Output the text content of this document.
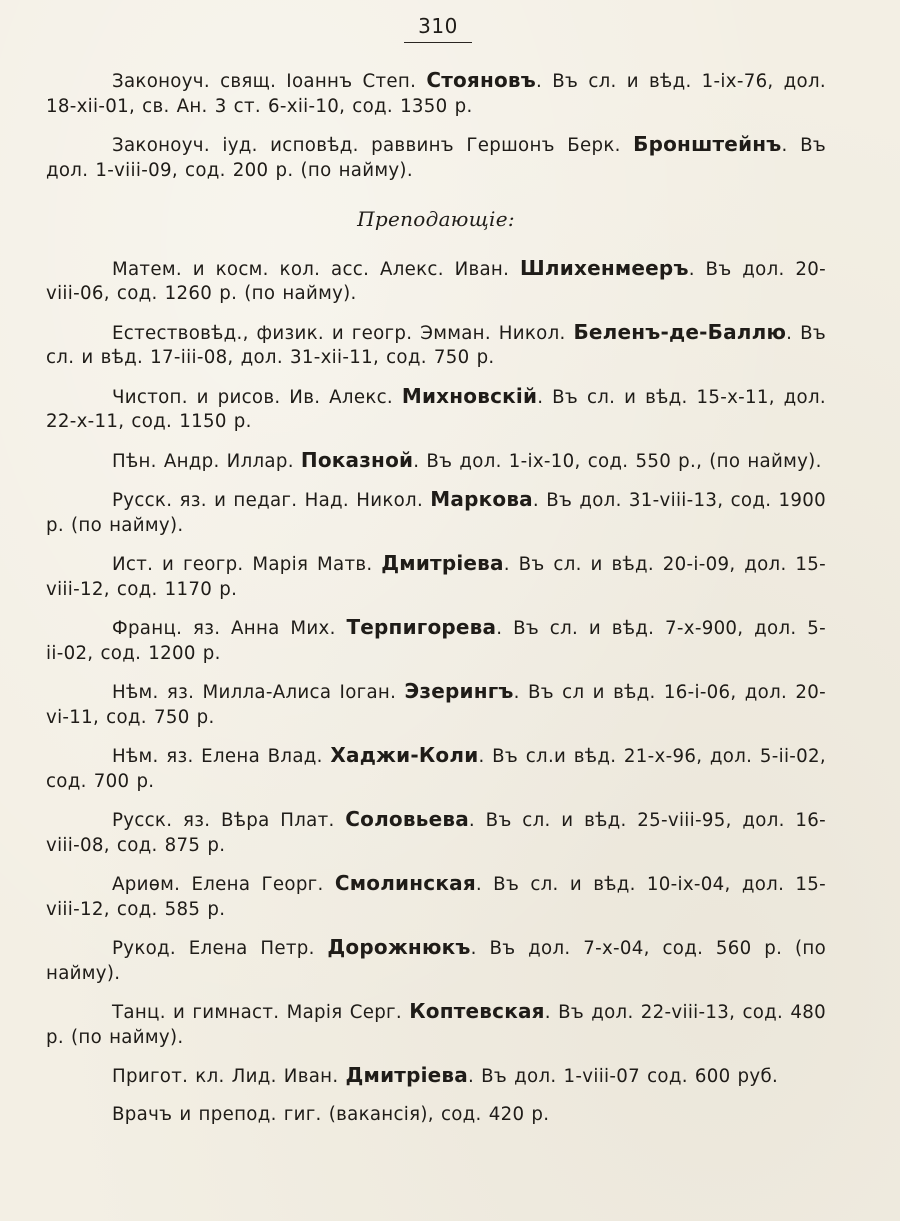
310

Законоуч. свящ. Іоаннъ Степ. Стояновъ. Въ сл. и вѣд. 1-іх-76, дол. 18-хіі-01, св. Ан. 3 ст. 6-хіі-10, сод. 1350 р.

Законоуч. іуд. исповѣд. раввинъ Гершонъ Берк. Бронштейнъ. Въ дол. 1-vііі-09, сод. 200 р. (по найму).

Преподающіе:

Матем. и косм. кол. асс. Алекс. Иван. Шлихенмееръ. Въ дол. 20-vііі-06, сод. 1260 р. (по найму).

Естествовѣд., физик. и геогр. Эмман. Никол. Беленъ-де-Баллю. Въ сл. и вѣд. 17-ііі-08, дол. 31-хіі-11, сод. 750 р.

Чистоп. и рисов. Ив. Алекс. Михновскій. Въ сл. и вѣд. 15-х-11, дол. 22-х-11, сод. 1150 р.

Пѣн. Андр. Иллар. Показной. Въ дол. 1-іх-10, сод. 550 р., (по найму).

Русск. яз. и педаг. Над. Никол. Маркова. Въ дол. 31-vііі-13, сод. 1900 р. (по найму).

Ист. и геогр. Марія Матв. Дмитріева. Въ сл. и вѣд. 20-і-09, дол. 15-vііі-12, сод. 1170 р.

Франц. яз. Анна Мих. Терпигорева. Въ сл. и вѣд. 7-х-900, дол. 5-іі-02, сод. 1200 р.

Нѣм. яз. Милла-Алиса Іоган. Эзерингъ. Въ сл и вѣд. 16-і-06, дол. 20-vі-11, сод. 750 р.

Нѣм. яз. Елена Влад. Хаджи-Коли. Въ сл.и вѣд. 21-х-96, дол. 5-іі-02, сод. 700 р.

Русск. яз. Вѣра Плат. Соловьева. Въ сл. и вѣд. 25-vііі-95, дол. 16-vііі-08, сод. 875 р.

Ариѳм. Елена Георг. Смолинская. Въ сл. и вѣд. 10-іх-04, дол. 15-vііі-12, сод. 585 р.

Рукод. Елена Петр. Дорожнюкъ. Въ дол. 7-х-04, сод. 560 р. (по найму).

Танц. и гимнаст. Марія Серг. Коптевская. Въ дол. 22-vііі-13, сод. 480 р. (по найму).

Пригот. кл. Лид. Иван. Дмитріева. Въ дол. 1-vііі-07 сод. 600 руб.

Врачъ и препод. гиг. (вакансія), сод. 420 р.
